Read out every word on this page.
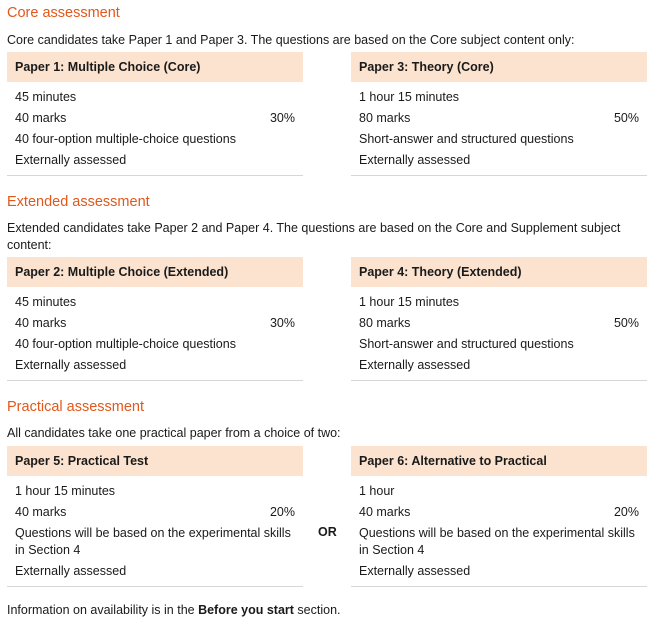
Core assessment
Core candidates take Paper 1 and Paper 3. The questions are based on the Core subject content only:
Paper 1: Multiple Choice (Core)
45 minutes
40 marks	30%
40 four-option multiple-choice questions
Externally assessed
Paper 3: Theory (Core)
1 hour 15 minutes
80 marks	50%
Short-answer and structured questions
Externally assessed
Extended assessment
Extended candidates take Paper 2 and Paper 4. The questions are based on the Core and Supplement subject content:
Paper 2: Multiple Choice (Extended)
45 minutes
40 marks	30%
40 four-option multiple-choice questions
Externally assessed
Paper 4: Theory (Extended)
1 hour 15 minutes
80 marks	50%
Short-answer and structured questions
Externally assessed
Practical assessment
All candidates take one practical paper from a choice of two:
Paper 5: Practical Test
1 hour 15 minutes
40 marks	20%
Questions will be based on the experimental skills
in Section 4
Externally assessed
OR
Paper 6: Alternative to Practical
1 hour
40 marks	20%
Questions will be based on the experimental skills
in Section 4
Externally assessed
Information on availability is in the Before you start section.
